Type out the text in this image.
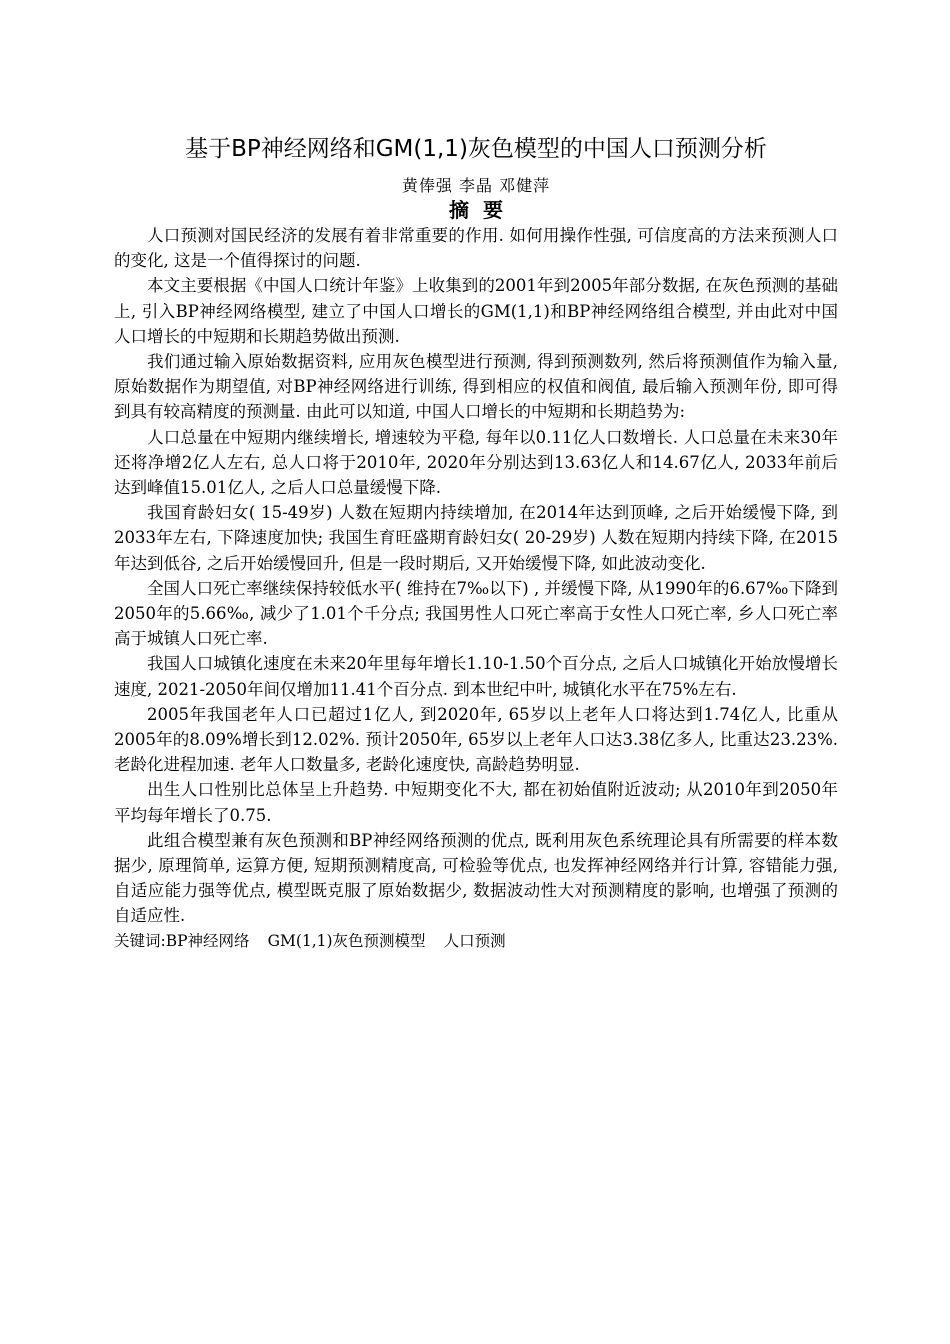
基于BP神经网络和GM(1,1)灰色模型的中国人口预测分析
黄俸强 李晶 邓健萍
摘要

人口预测对国民经济的发展有着非常重要的作用. 如何用操作性强, 可信度高的方法来预测人口的变化, 这是一个值得探讨的问题.

本文主要根据《中国人口统计年鉴》上收集到的2001年到2005年部分数据, 在灰色预测的基础上, 引入BP神经网络模型, 建立了中国人口增长的GM(1,1)和BP神经网络组合模型, 并由此对中国人口增长的中短期和长期趋势做出预测.

我们通过输入原始数据资料, 应用灰色模型进行预测, 得到预测数列, 然后将预测值作为输入量, 原始数据作为期望值, 对BP神经网络进行训练, 得到相应的权值和阀值, 最后输入预测年份, 即可得到具有较高精度的预测量. 由此可以知道, 中国人口增长的中短期和长期趋势为:

人口总量在中短期内继续增长, 增速较为平稳, 每年以0.11亿人口数增长. 人口总量在未来30年还将净增2亿人左右, 总人口将于2010年, 2020年分别达到13.63亿人和14.67亿人, 2033年前后达到峰值15.01亿人, 之后人口总量缓慢下降.

我国育龄妇女( 15-49岁) 人数在短期内持续增加, 在2014年达到顶峰, 之后开始缓慢下降, 到2033年左右, 下降速度加快; 我国生育旺盛期育龄妇女( 20-29岁) 人数在短期内持续下降, 在2015年达到低谷, 之后开始缓慢回升, 但是一段时期后, 又开始缓慢下降, 如此波动变化.

全国人口死亡率继续保持较低水平( 维持在7‰以下) , 并缓慢下降, 从1990年的6.67‰下降到2050年的5.66‰, 减少了1.01个千分点; 我国男性人口死亡率高于女性人口死亡率, 乡人口死亡率高于城镇人口死亡率.

我国人口城镇化速度在未来20年里每年增长1.10-1.50个百分点, 之后人口城镇化开始放慢增长速度, 2021-2050年间仅增加11.41个百分点. 到本世纪中叶, 城镇化水平在75%左右.

2005年我国老年人口已超过1亿人, 到2020年, 65岁以上老年人口将达到1.74亿人, 比重从2005年的8.09%增长到12.02%. 预计2050年, 65岁以上老年人口达3.38亿多人, 比重达23.23%. 老龄化进程加速. 老年人口数量多, 老龄化速度快, 高龄趋势明显.

出生人口性别比总体呈上升趋势. 中短期变化不大, 都在初始值附近波动; 从2010年到2050年平均每年增长了0.75.

此组合模型兼有灰色预测和BP神经网络预测的优点, 既利用灰色系统理论具有所需要的样本数据少, 原理简单, 运算方便, 短期预测精度高, 可检验等优点, 也发挥神经网络并行计算, 容错能力强, 自适应能力强等优点, 模型既克服了原始数据少, 数据波动性大对预测精度的影响, 也增强了预测的自适应性.

关键词:BP神经网络 GM(1,1)灰色预测模型 人口预测
